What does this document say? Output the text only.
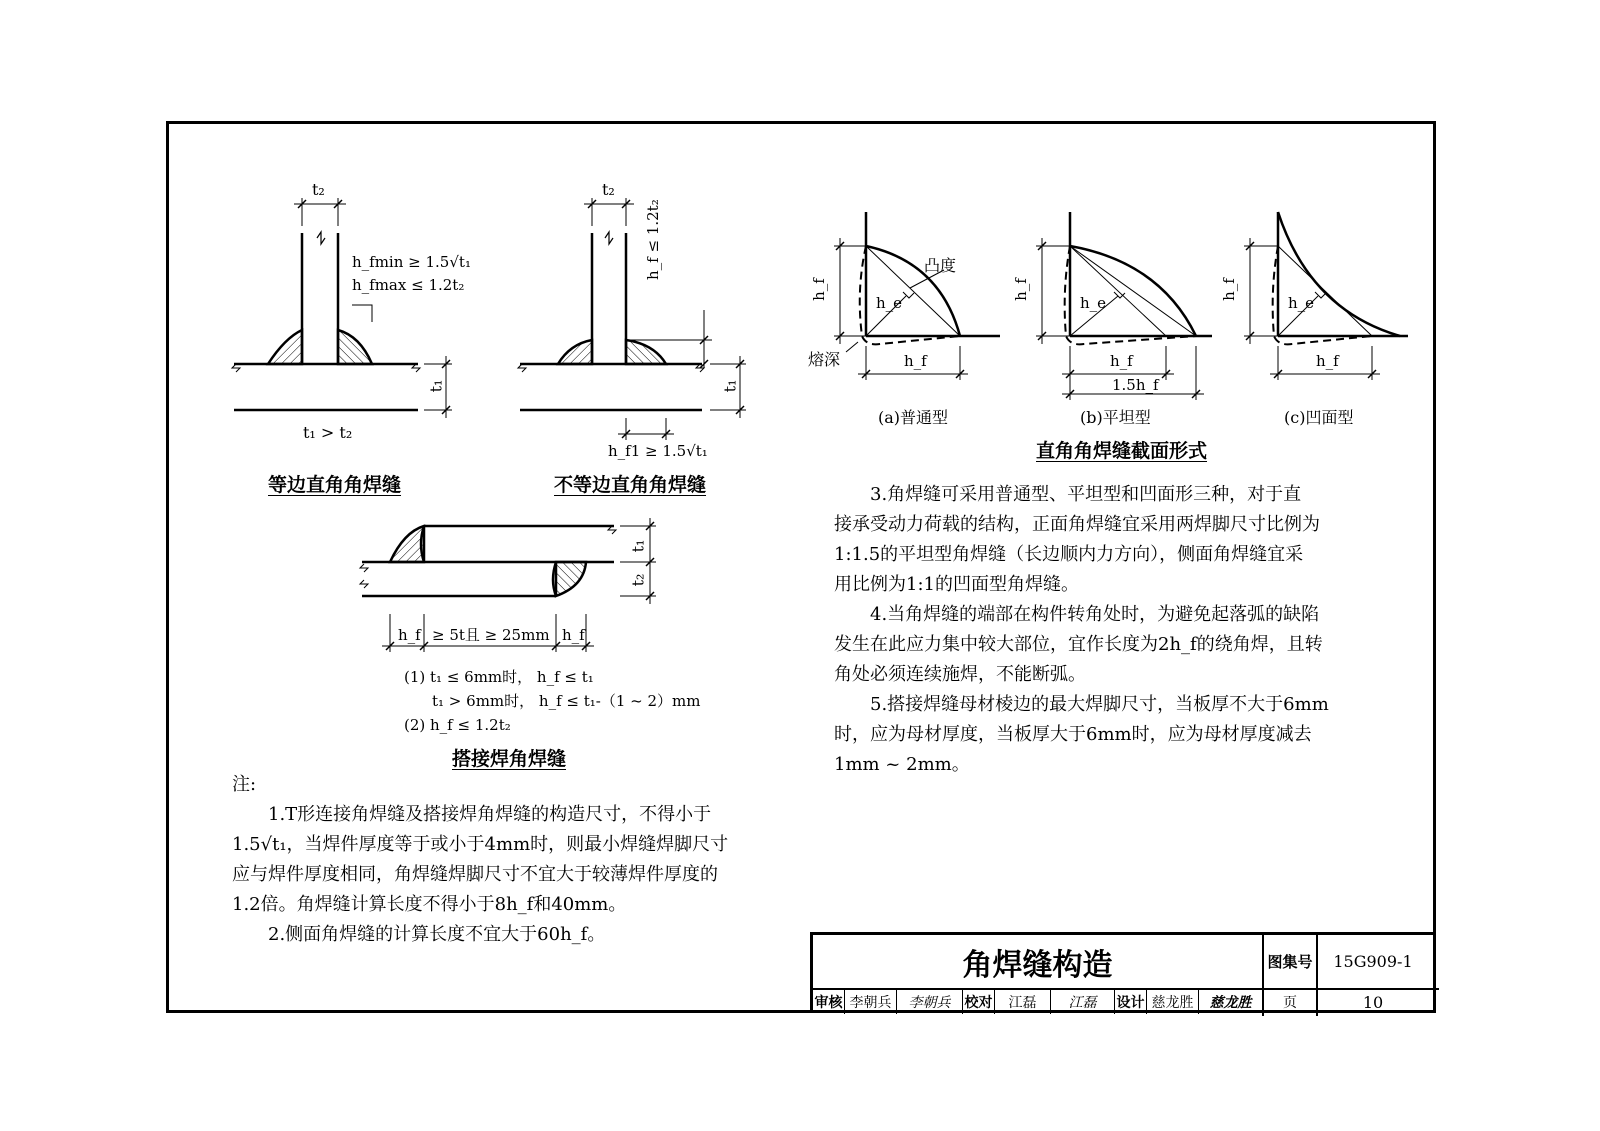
t₂
h_fmin ≥ 1.5√t₁
h_fmax ≤ 1.2t₂
t₁
t₁ > t₂
等边直角角焊缝
t₂
h_f ≤ 1.2t₂
t₁
h_f1 ≥ 1.5√t₁
不等边直角角焊缝
t₁
t₂
h_f ≥ 5t且 ≥ 25mm h_f
(1) t₁ ≤ 6mm时， h_f ≤ t₁
t₁ > 6mm时， h_f ≤ t₁-（1 ~ 2）mm
(2) h_f ≤ 1.2t₂
搭接焊角焊缝
h_f
h_e
凸度
熔深	h_f
(a)普通型
h_f
h_e
h_f
1.5h_f
(b)平坦型
h_f
h_e
h_f
(c)凹面型
直角角焊缝截面形式

注:

1.T形连接角焊缝及搭接焊角焊缝的构造尺寸，不得小于

1.5√t₁，当焊件厚度等于或小于4mm时，则最小焊缝焊脚尺寸

应与焊件厚度相同，角焊缝焊脚尺寸不宜大于较薄焊件厚度的

1.2倍。角焊缝计算长度不得小于8h_f和40mm。

2.侧面角焊缝的计算长度不宜大于60h_f。

3.角焊缝可采用普通型、平坦型和凹面形三种，对于直

接承受动力荷载的结构，正面角焊缝宜采用两焊脚尺寸比例为

1:1.5的平坦型角焊缝（长边顺内力方向），侧面角焊缝宜采

用比例为1:1的凹面型角焊缝。

4.当角焊缝的端部在构件转角处时，为避免起落弧的缺陷

发生在此应力集中较大部位，宜作长度为2h_f的绕角焊，且转

角处必须连续施焊，不能断弧。

5.搭接焊缝母材棱边的最大焊脚尺寸，当板厚不大于6mm

时，应为母材厚度，当板厚大于6mm时，应为母材厚度减去

1mm ~ 2mm。

角焊缝构造	图集号	15G909-1
审核 李朝兵	李朝兵	校对	江磊	江磊	设计 慈龙胜	慈龙胜	页	10
